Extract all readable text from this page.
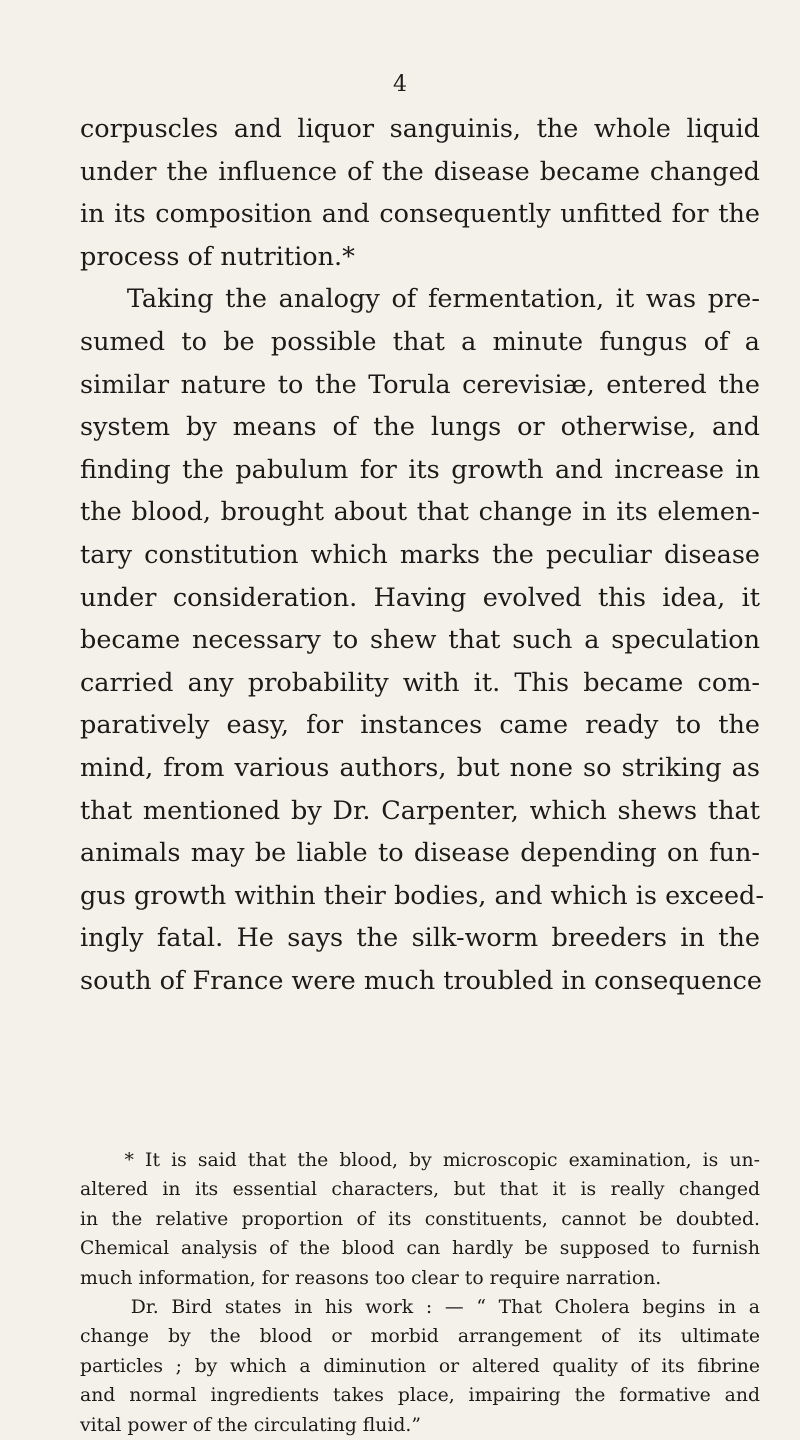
4
corpuscles and liquor sanguinis, the whole liquid
under the influence of the disease became changed
in its composition and consequently unfitted for the
process of nutrition.*
Taking the analogy of fermentation, it was pre-
sumed to be possible that a minute fungus of a
similar nature to the Torula cerevisiæ, entered the
system by means of the lungs or otherwise, and
finding the pabulum for its growth and increase in
the blood, brought about that change in its elemen-
tary constitution which marks the peculiar disease
under consideration. Having evolved this idea, it
became necessary to shew that such a speculation
carried any probability with it. This became com-
paratively easy, for instances came ready to the
mind, from various authors, but none so striking as
that mentioned by Dr. Carpenter, which shews that
animals may be liable to disease depending on fun-
gus growth within their bodies, and which is exceed-
ingly fatal. He says the silk-worm breeders in the
south of France were much troubled in consequence
* It is said that the blood, by microscopic examination, is un-
altered in its essential characters, but that it is really changed
in the relative proportion of its constituents, cannot be doubted.
Chemical analysis of the blood can hardly be supposed to furnish
much information, for reasons too clear to require narration.
Dr. Bird states in his work : — “ That Cholera begins in a
change by the blood or morbid arrangement of its ultimate
particles ; by which a diminution or altered quality of its fibrine
and normal ingredients takes place, impairing the formative and
vital power of the circulating fluid.”
